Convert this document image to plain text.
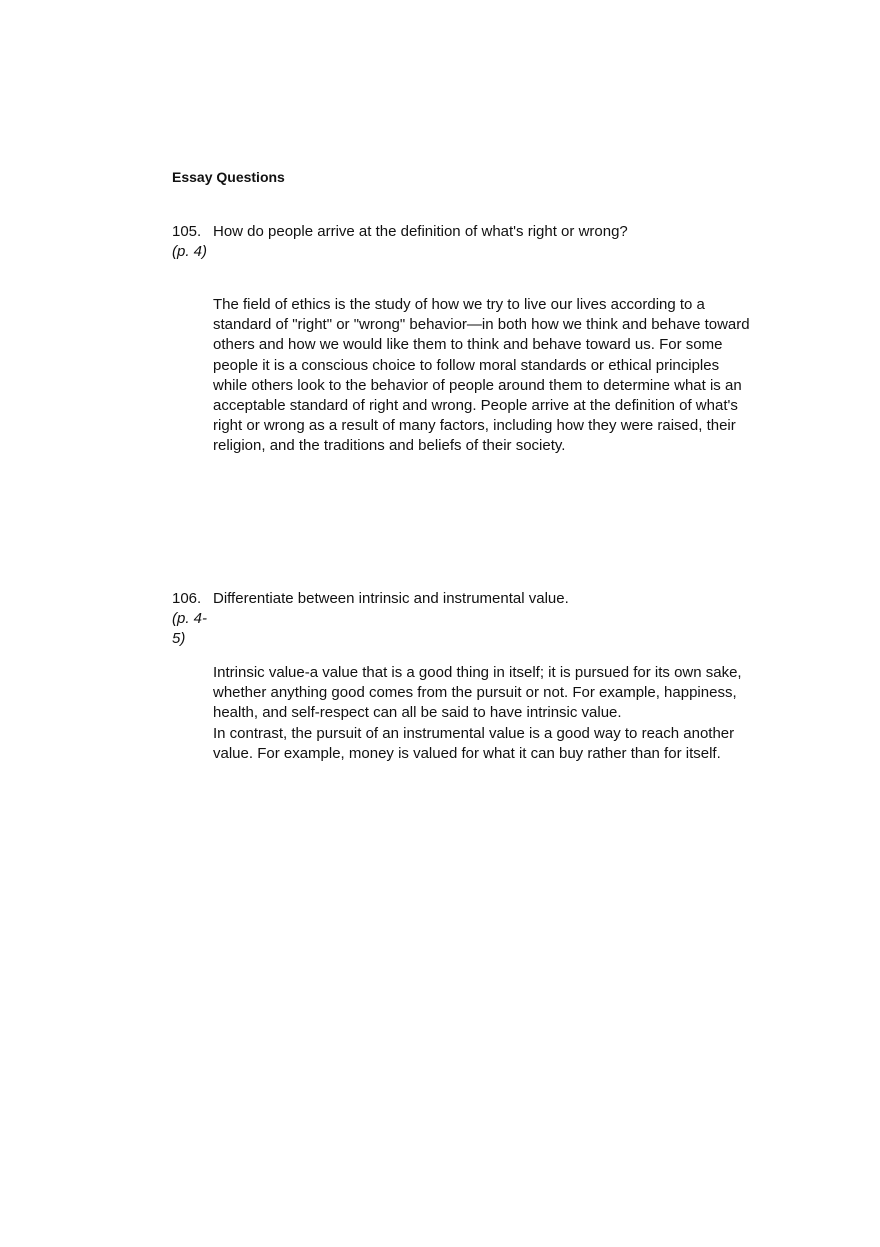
Essay Questions
105. How do people arrive at the definition of what's right or wrong?
(p. 4)
The field of ethics is the study of how we try to live our lives according to a
standard of "right" or "wrong" behavior—in both how we think and behave toward
others and how we would like them to think and behave toward us. For some
people it is a conscious choice to follow moral standards or ethical principles
while others look to the behavior of people around them to determine what is an
acceptable standard of right and wrong. People arrive at the definition of what's
right or wrong as a result of many factors, including how they were raised, their
religion, and the traditions and beliefs of their society.
106. Differentiate between intrinsic and instrumental value.
(p. 4-
5)
Intrinsic value-a value that is a good thing in itself; it is pursued for its own sake,
whether anything good comes from the pursuit or not. For example, happiness,
health, and self-respect can all be said to have intrinsic value.
In contrast, the pursuit of an instrumental value is a good way to reach another
value. For example, money is valued for what it can buy rather than for itself.
